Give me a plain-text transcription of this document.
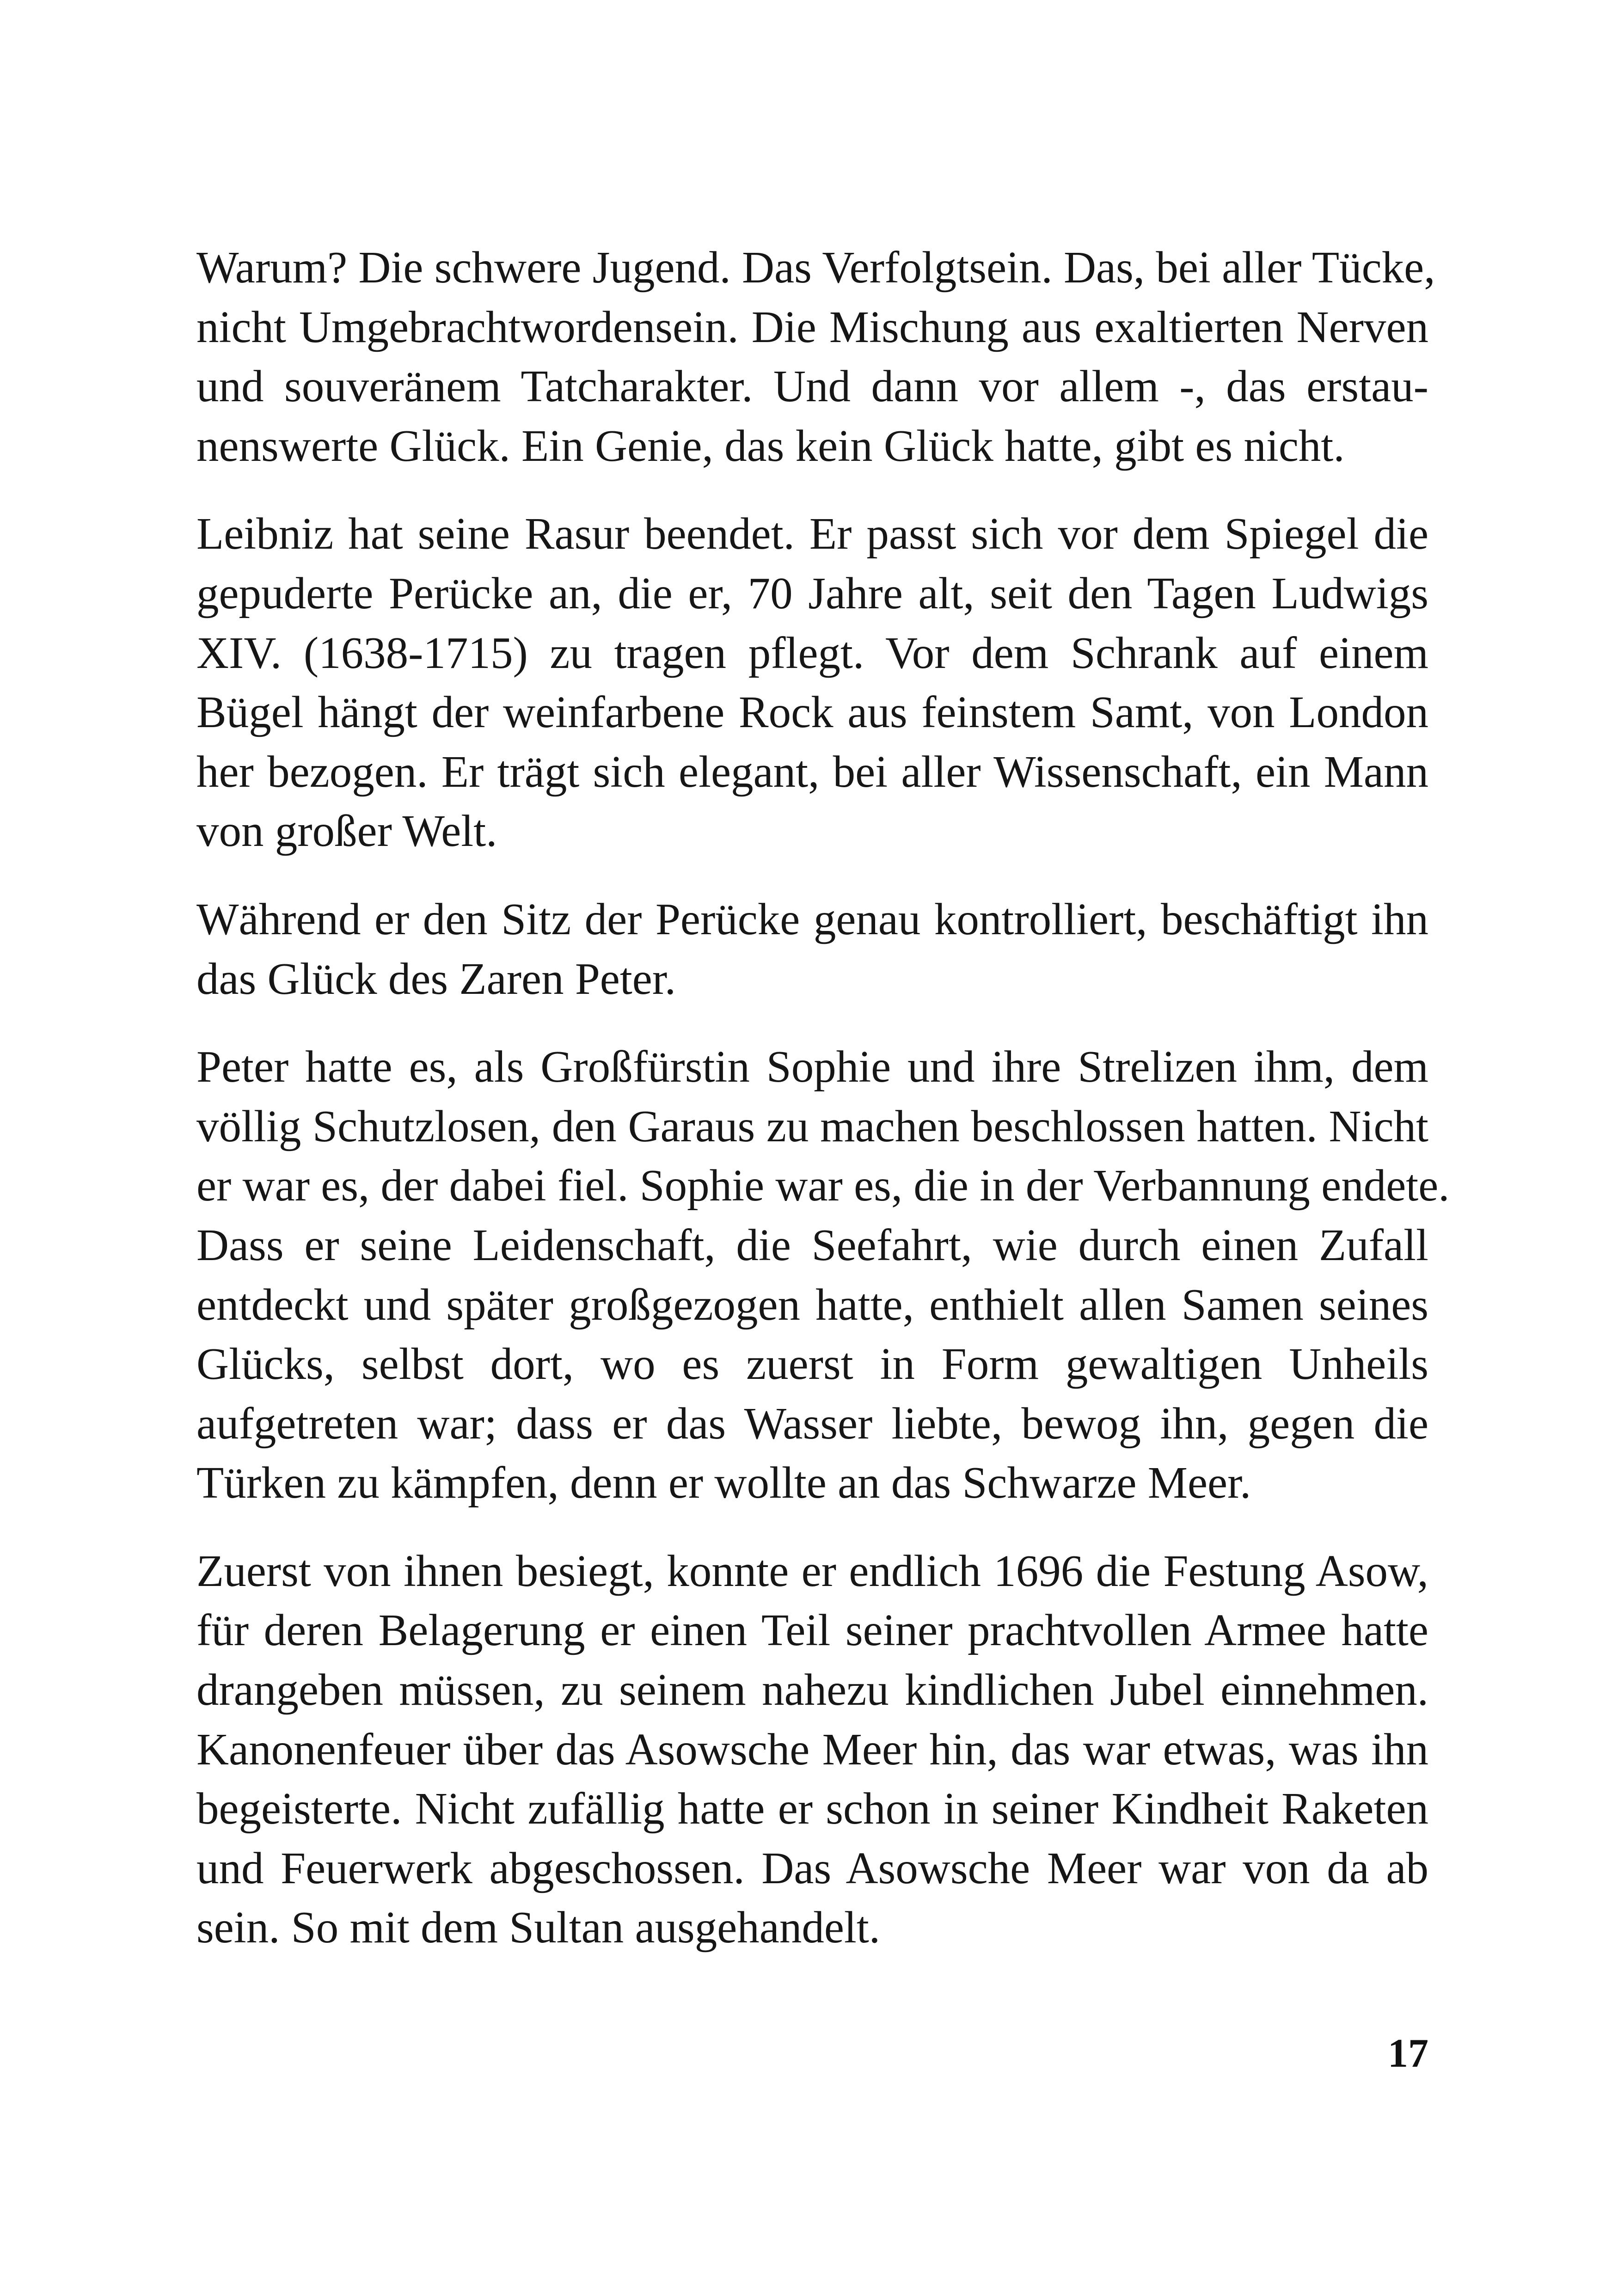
Warum? Die schwere Jugend. Das Verfolgtsein. Das, bei aller Tücke,
nicht Umgebrachtwordensein. Die Mischung aus exaltierten Nerven
und souveränem Tatcharakter. Und dann vor allem -, das erstau-
nenswerte Glück. Ein Genie, das kein Glück hatte, gibt es nicht.

Leibniz hat seine Rasur beendet. Er passt sich vor dem Spiegel die
gepuderte Perücke an, die er, 70 Jahre alt, seit den Tagen Ludwigs
XIV. (1638-1715) zu tragen pflegt. Vor dem Schrank auf einem
Bügel hängt der weinfarbene Rock aus feinstem Samt, von London
her bezogen. Er trägt sich elegant, bei aller Wissenschaft, ein Mann
von großer Welt.

Während er den Sitz der Perücke genau kontrolliert, beschäftigt ihn
das Glück des Zaren Peter.

Peter hatte es, als Großfürstin Sophie und ihre Strelizen ihm, dem
völlig Schutzlosen, den Garaus zu machen beschlossen hatten. Nicht
er war es, der dabei fiel. Sophie war es, die in der Verbannung endete.
Dass er seine Leidenschaft, die Seefahrt, wie durch einen Zufall
entdeckt und später großgezogen hatte, enthielt allen Samen seines
Glücks, selbst dort, wo es zuerst in Form gewaltigen Unheils
aufgetreten war; dass er das Wasser liebte, bewog ihn, gegen die
Türken zu kämpfen, denn er wollte an das Schwarze Meer.

Zuerst von ihnen besiegt, konnte er endlich 1696 die Festung Asow,
für deren Belagerung er einen Teil seiner prachtvollen Armee hatte
drangeben müssen, zu seinem nahezu kindlichen Jubel einnehmen.
Kanonenfeuer über das Asowsche Meer hin, das war etwas, was ihn
begeisterte. Nicht zufällig hatte er schon in seiner Kindheit Raketen
und Feuerwerk abgeschossen. Das Asowsche Meer war von da ab
sein. So mit dem Sultan ausgehandelt.

17
